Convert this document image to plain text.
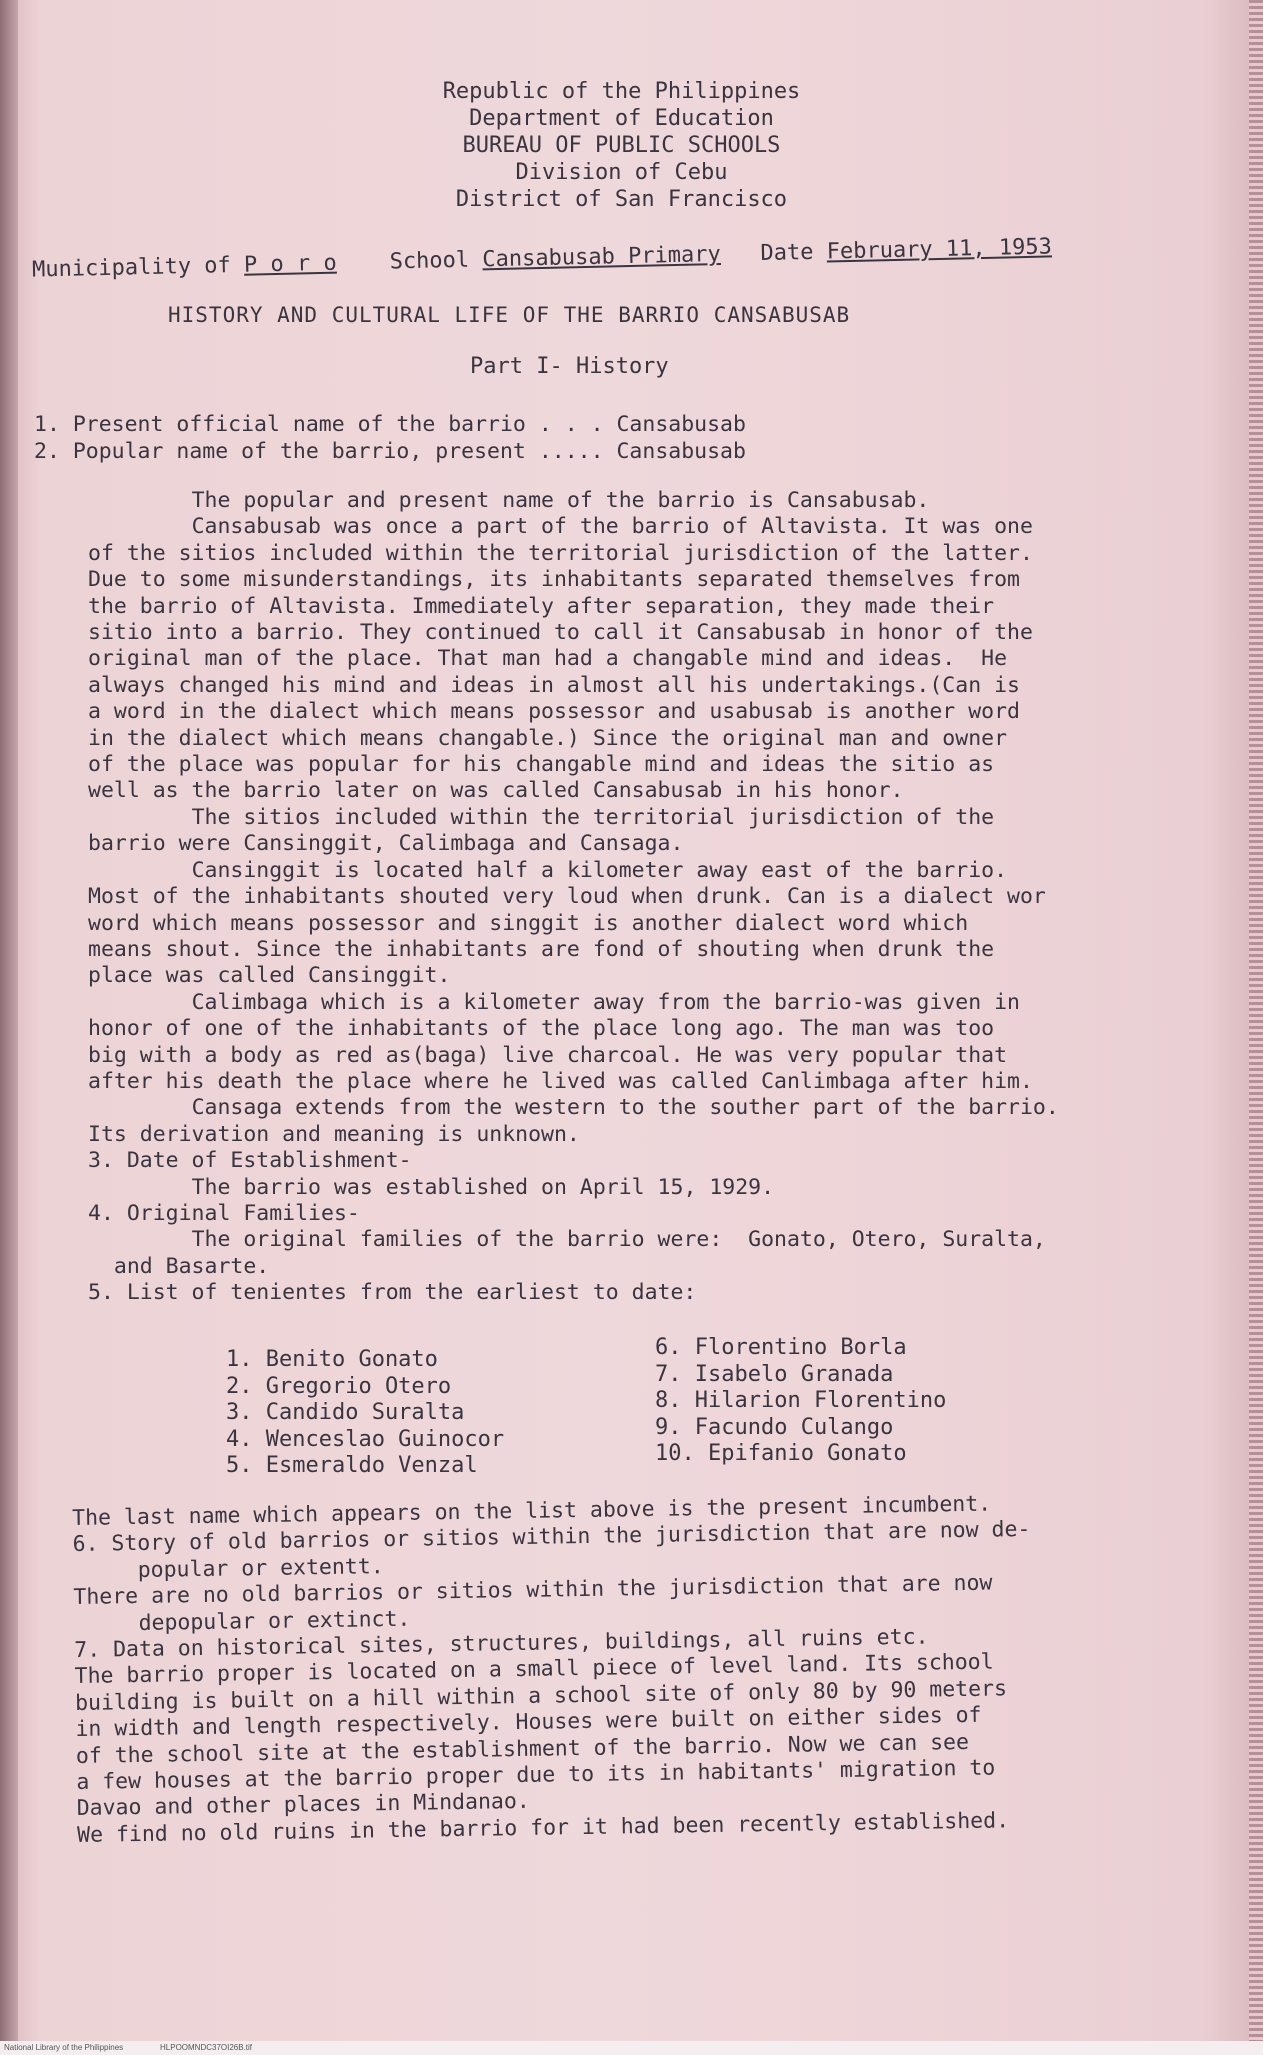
Republic of the Philippines
Department of Education
BUREAU OF PUBLIC SCHOOLS
Division of Cebu
District of San Francisco
Municipality of P o r o School Cansabusab Primary Date February 11, 1953
HISTORY AND CULTURAL LIFE OF THE BARRIO CANSABUSAB
Part I- History
1. Present official name of the barrio . . . Cansabusab
2. Popular name of the barrio, present ..... Cansabusab

The popular and present name of the barrio is Cansabusab.
Cansabusab was once a part of the barrio of Altavista. It was one
of the sitios included within the territorial jurisdiction of the latter.
Due to some misunderstandings, its inhabitants separated themselves from
the barrio of Altavista. Immediately after separation, they made their
sitio into a barrio. They continued to call it Cansabusab in honor of the
original man of the place. That man had a changable mind and ideas.  He
always changed his mind and ideas in almost all his undertakings.(Can is
a word in the dialect which means possessor and usabusab is another word
in the dialect which means changable.) Since the original man and owner
of the place was popular for his changable mind and ideas the sitio as
well as the barrio later on was called Cansabusab in his honor.

The sitios included within the territorial jurisdiction of the
barrio were Cansinggit, Calimbaga and Cansaga.

Cansinggit is located half a kilometer away east of the barrio.
Most of the inhabitants shouted very loud when drunk. Can is a dialect wor
word which means possessor and singgit is another dialect word which
means shout. Since the inhabitants are fond of shouting when drunk the
place was called Cansinggit.

Calimbaga which is a kilometer away from the barrio-was given in
honor of one of the inhabitants of the place long ago. The man was too
big with a body as red as(baga) live charcoal. He was very popular that
after his death the place where he lived was called Canlimbaga after him.

Cansaga extends from the western to the souther part of the barrio.
Its derivation and meaning is unknown.

3. Date of Establishment-
The barrio was established on April 15, 1929.
4. Original Families-
The original families of the barrio were:  Gonato, Otero, Suralta,
and Basarte.
5. List of tenientes from the earliest to date:

1. Benito Gonato
2. Gregorio Otero
3. Candido Suralta
4. Wenceslao Guinocor
5. Esmeraldo Venzal
6. Florentino Borla
7. Isabelo Granada
8. Hilarion Florentino
9. Facundo Culango
10. Epifanio Gonato

The last name which appears on the list above is the present incumbent.
6. Story of old barrios or sitios within the jurisdiction that are now de-
popular or extentt.
There are no old barrios or sitios within the jurisdiction that are now
depopular or extinct.
7. Data on historical sites, structures, buildings, all ruins etc.
The barrio proper is located on a small piece of level land. Its school
building is built on a hill within a school site of only 80 by 90 meters
in width and length respectively. Houses were built on either sides of
of the school site at the establishment of the barrio. Now we can see
a few houses at the barrio proper due to its in habitants' migration to
Davao and other places in Mindanao.
We find no old ruins in the barrio for it had been recently established.

National Library of the Philippines	HLPOOMNDC37OI26B.tif
